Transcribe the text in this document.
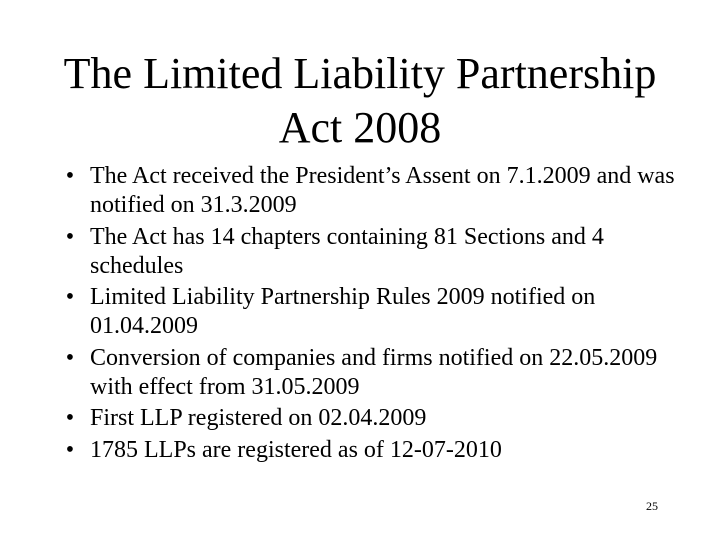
The Limited Liability Partnership
Act 2008
• The Act received the President’s Assent on 7.1.2009 and was notified on 31.3.2009
• The Act has 14 chapters containing 81 Sections and 4 schedules
• Limited Liability Partnership Rules 2009 notified on 01.04.2009
• Conversion of companies and firms notified on 22.05.2009 with effect from 31.05.2009
• First LLP registered on 02.04.2009
• 1785 LLPs are registered as of 12-07-2010
25
